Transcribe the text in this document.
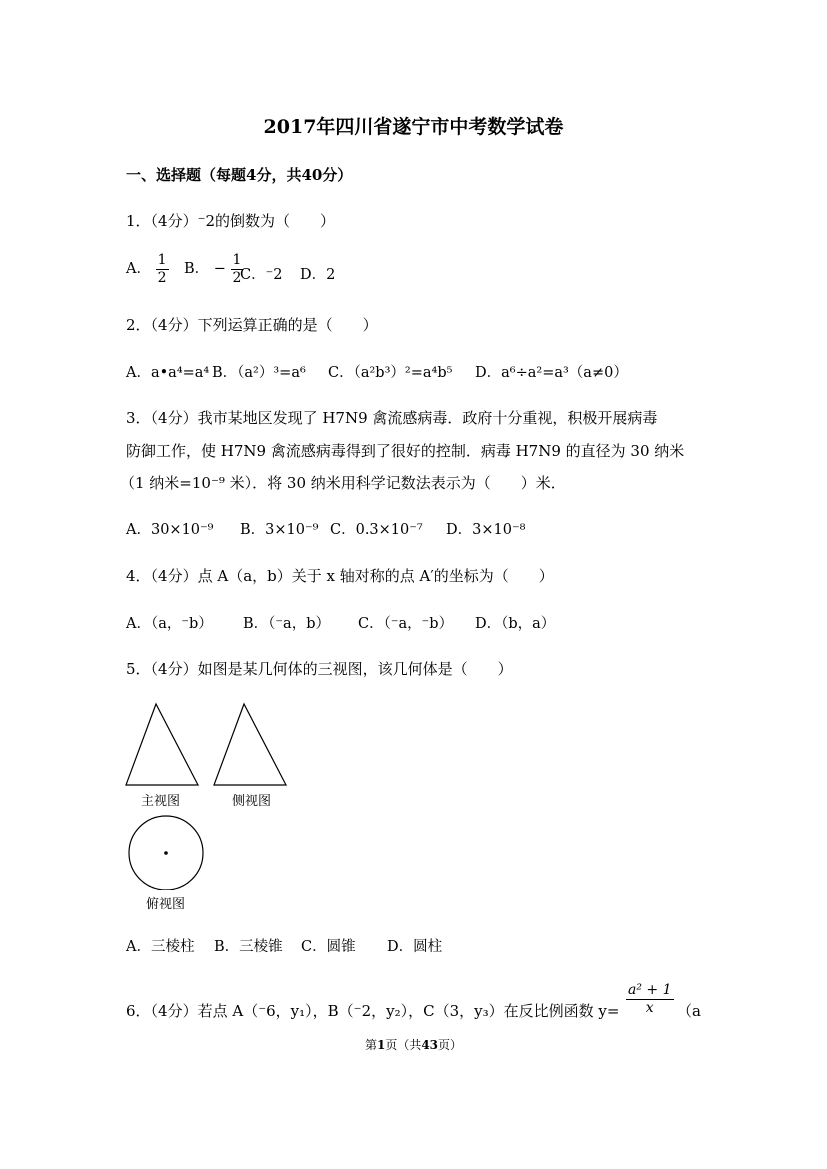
2017年四川省遂宁市中考数学试卷
一、选择题（每题4分，共40分）
1．（4分）⁻2的倒数为（　　）
A． $\frac{1}{2}$ B． − $\frac{1}{2}$
C．⁻2 D．2
2．（4分）下列运算正确的是（　　）
A．a•a⁴=a⁴ B．（a²）³=a⁶ C．（a²b³）²=a⁴b⁵ D．a⁶÷a²=a³（a≠0）
3．（4分）我市某地区发现了 H7N9 禽流感病毒．政府十分重视，积极开展病毒
防御工作，使 H7N9 禽流感病毒得到了很好的控制．病毒 H7N9 的直径为 30 纳米
（1 纳米=10⁻⁹ 米）．将 30 纳米用科学记数法表示为（　　）米．
A．30×10⁻⁹ B．3×10⁻⁹ C．0.3×10⁻⁷ D．3×10⁻⁸
4．（4分）点 A（a，b）关于 x 轴对称的点 A′的坐标为（　　）
A．（a，⁻b） B．（⁻a，b） C．（⁻a，⁻b） D．（b，a）
5．（4分）如图是某几何体的三视图，该几何体是（　　）
主视图	侧视图
俯视图
A．三棱柱 B．三棱锥 C．圆锥 D．圆柱
6．（4分）若点 A（⁻6，y₁），B（⁻2，y₂），C（3，y₃）在反比例函数 $y= \frac{\text{a² + 1}}{x} (a$
第1页（共43页）
